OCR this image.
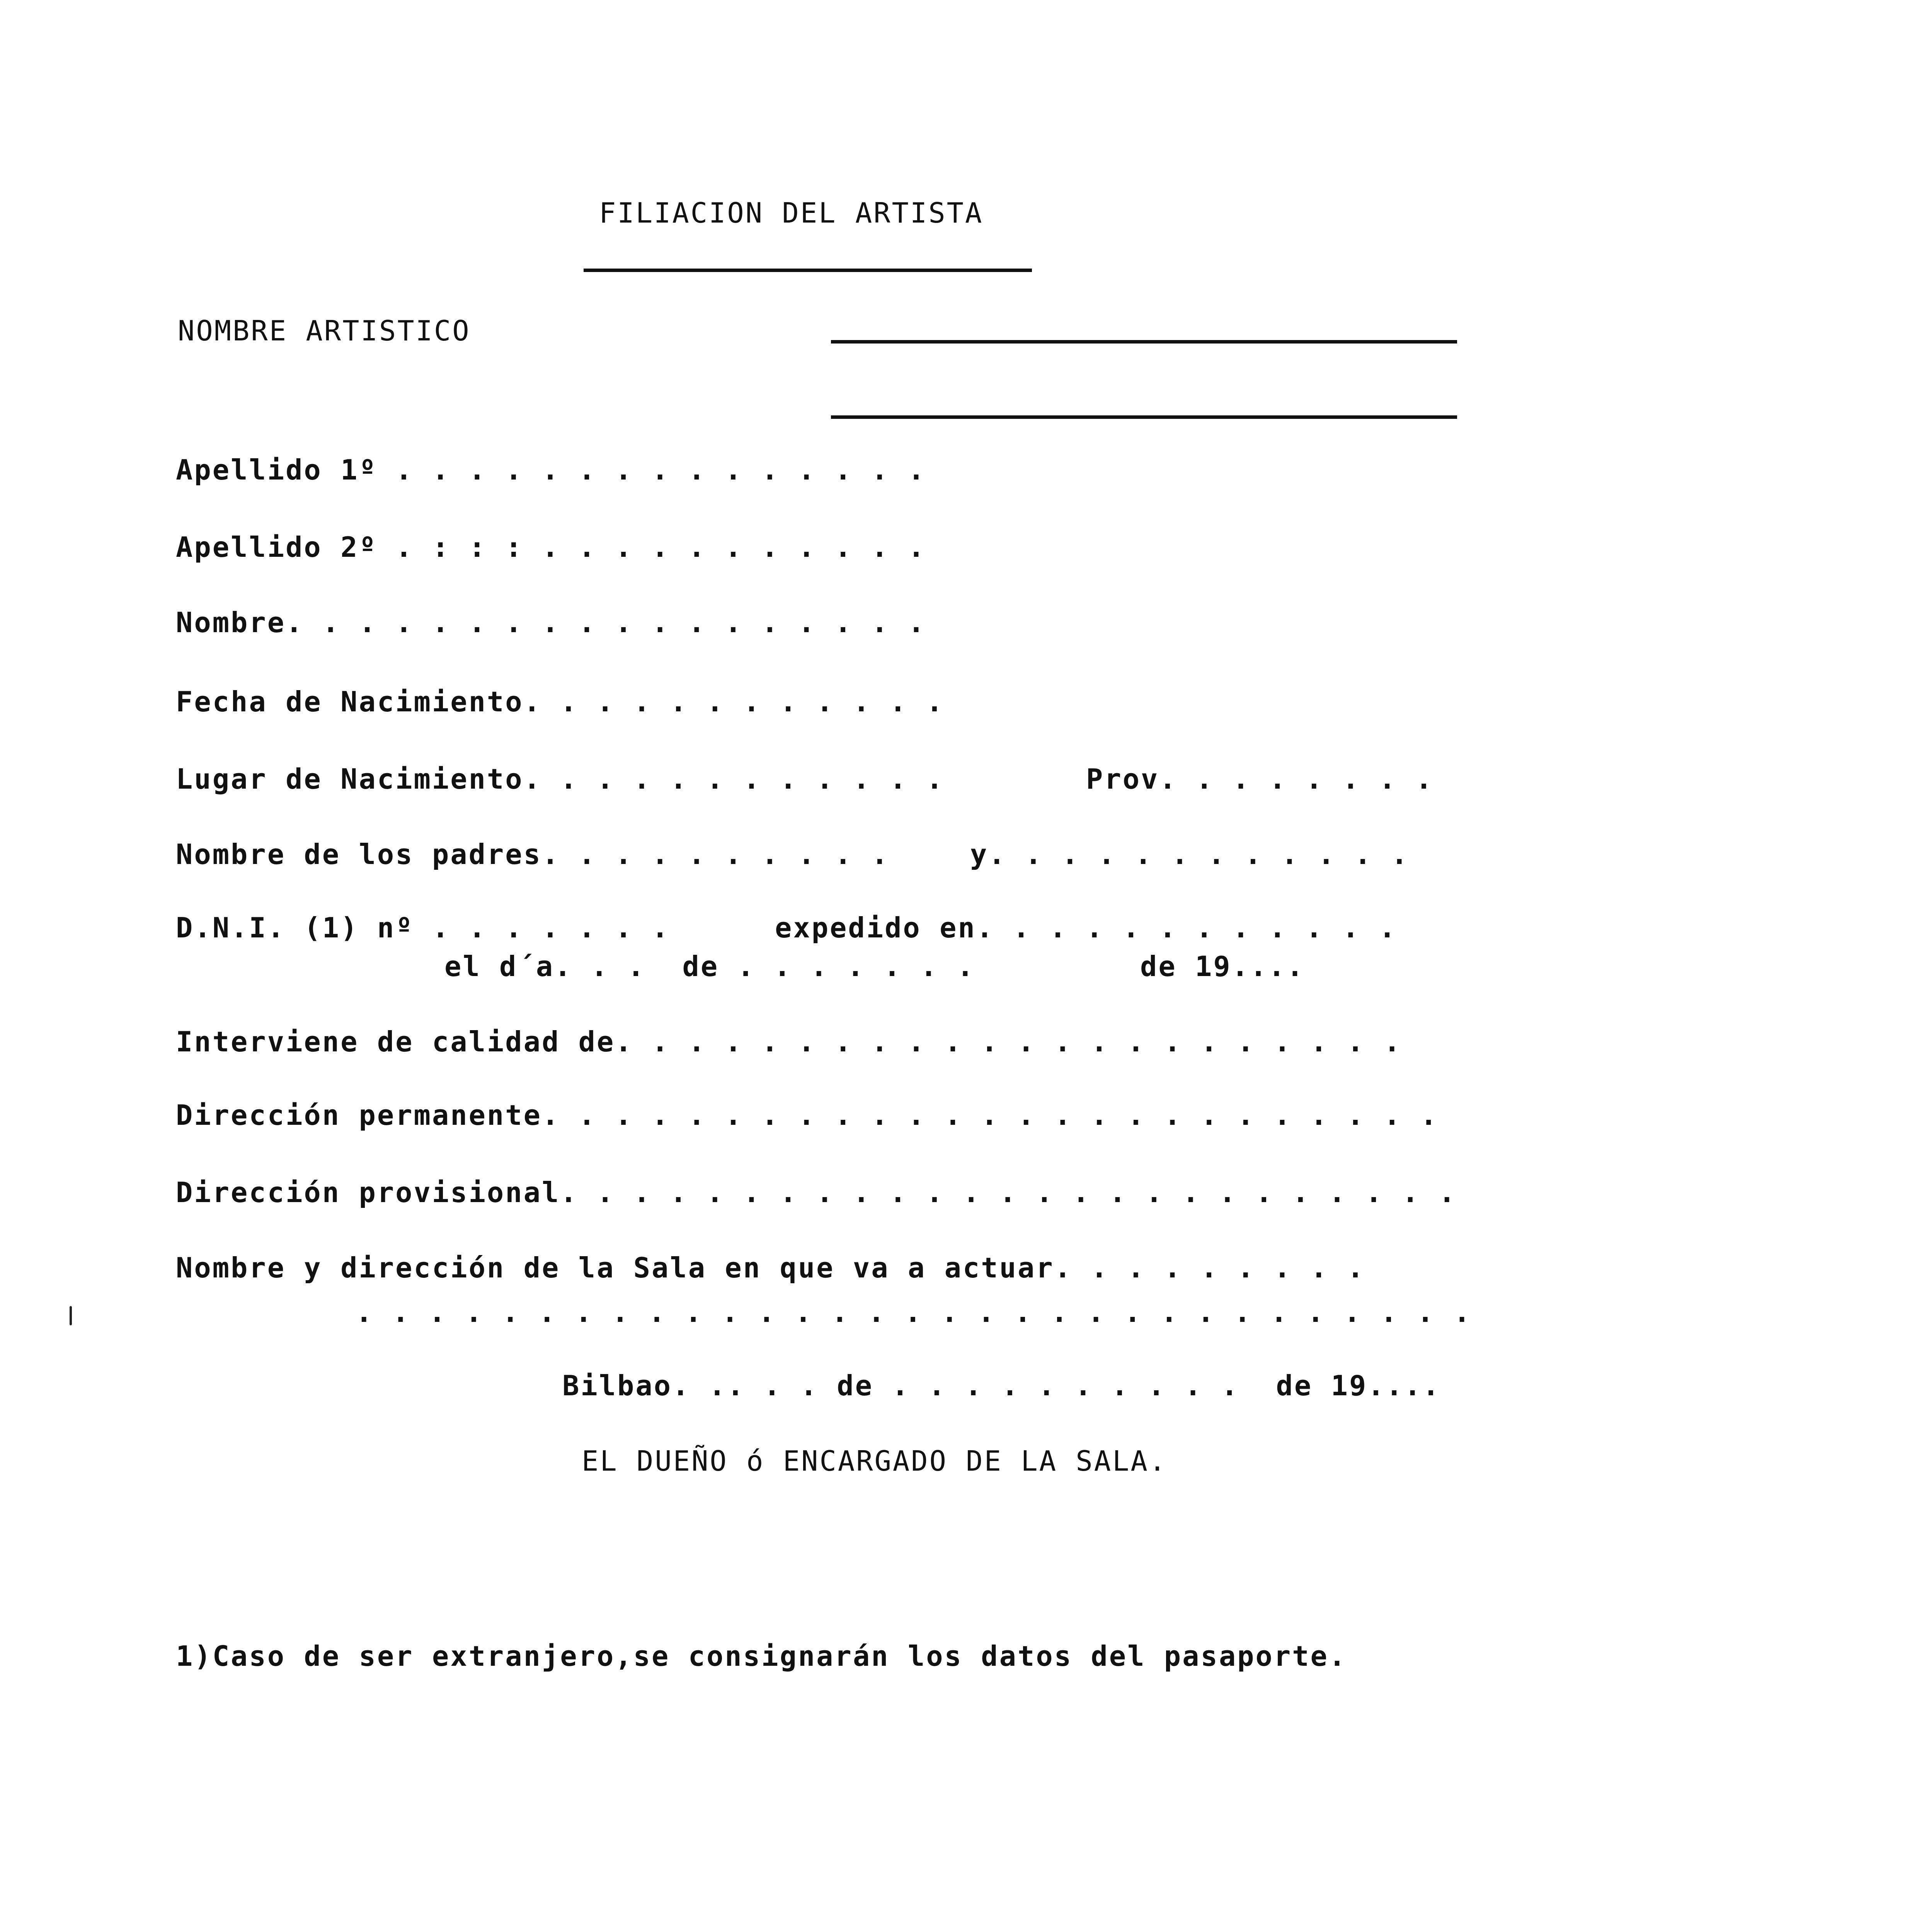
FILIACION DEL ARTISTA
NOMBRE ARTISTICO
Apellido 1º . . . . . . . . . . . . . . .
Apellido 2º . : : : . . . . . . . . . . .
Nombre. . . . . . . . . . . . . . . . . .
Fecha de Nacimiento. . . . . . . . . . . .
Lugar de Nacimiento. . . . . . . . . . . .	Prov. . . . . . . .
Nombre de los padres. . . . . . . . . .	y. . . . . . . . . . . .
D.N.I. (1) nº . . . . . . .	expedido en. . . . . . . . . . . .
el d´a. . .  de . . . . . . .	de 19....
Interviene de calidad de. . . . . . . . . . . . . . . . . . . . . .
Dirección permanente. . . . . . . . . . . . . . . . . . . . . . . . .
Dirección provisional. . . . . . . . . . . . . . . . . . . . . . . . .
Nombre y dirección de la Sala en que va a actuar. . . . . . . . .
. . . . . . . . . . . . . . . . . . . . . . . . . . . . . . .
Bilbao. .. . . de . . . . . . . . . .  de 19....
EL DUEÑO ó ENCARGADO DE LA SALA.
1)Caso de ser extranjero,se consignarán los datos del pasaporte.
